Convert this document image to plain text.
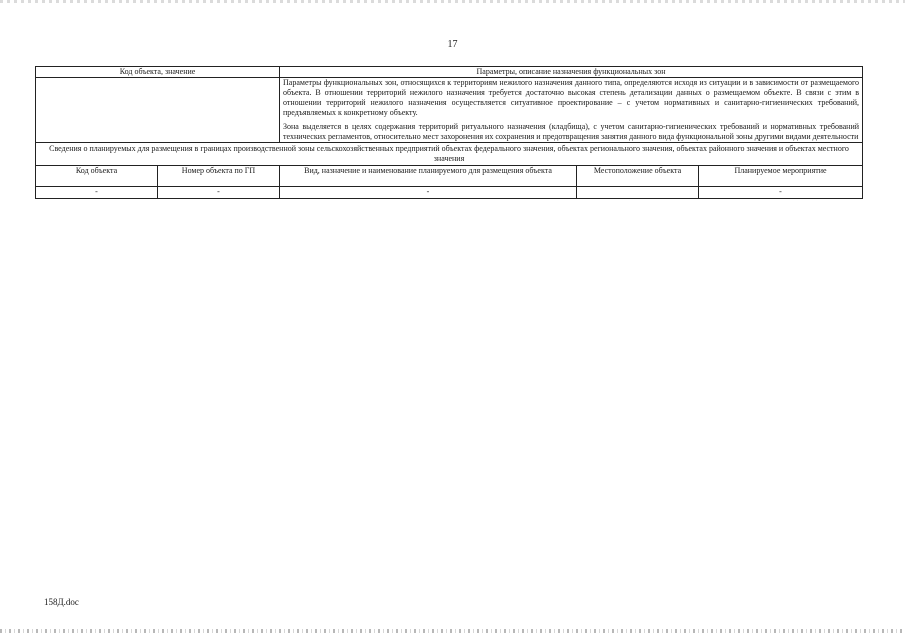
17
Код объекта, значение		Параметры, описание назначения функциональных зон		

		Параметры функциональных зон, относящихся к территориям нежилого назначения данного типа, определяются исходя из ситуации и в зависимости от размещаемого объекта. В отношении территорий нежилого назначения требуется достаточно высокая степень детализации данных о размещаемом объекте. В связи с этим в отношении территорий нежилого назначения осуществляется ситуативное проектирование – с учетом нормативных и санитарно-гигиенических требований, предъявляемых к конкретному объекту.

Зона выделяется в целях содержания территорий ритуального назначения (кладбища), с учетом санитарно-гигиенических требований и нормативных требований технических регламентов, относительно мест захоронения их сохранения и предотвращения занятия данного вида функциональной зоны другими видами деятельности		

Сведения о планируемых для размещения в границах производственной зоны сельскохозяйственных предприятий объектах федерального значения, объектах регионального значения, объектах районного значения и объектах местного значения				
Код объекта	Номер объекта по ГП	Вид, назначение и наименование планируемого для размещения объекта	Местоположение объекта	Планируемое мероприятие
-	-	-		-
158Д.doc
